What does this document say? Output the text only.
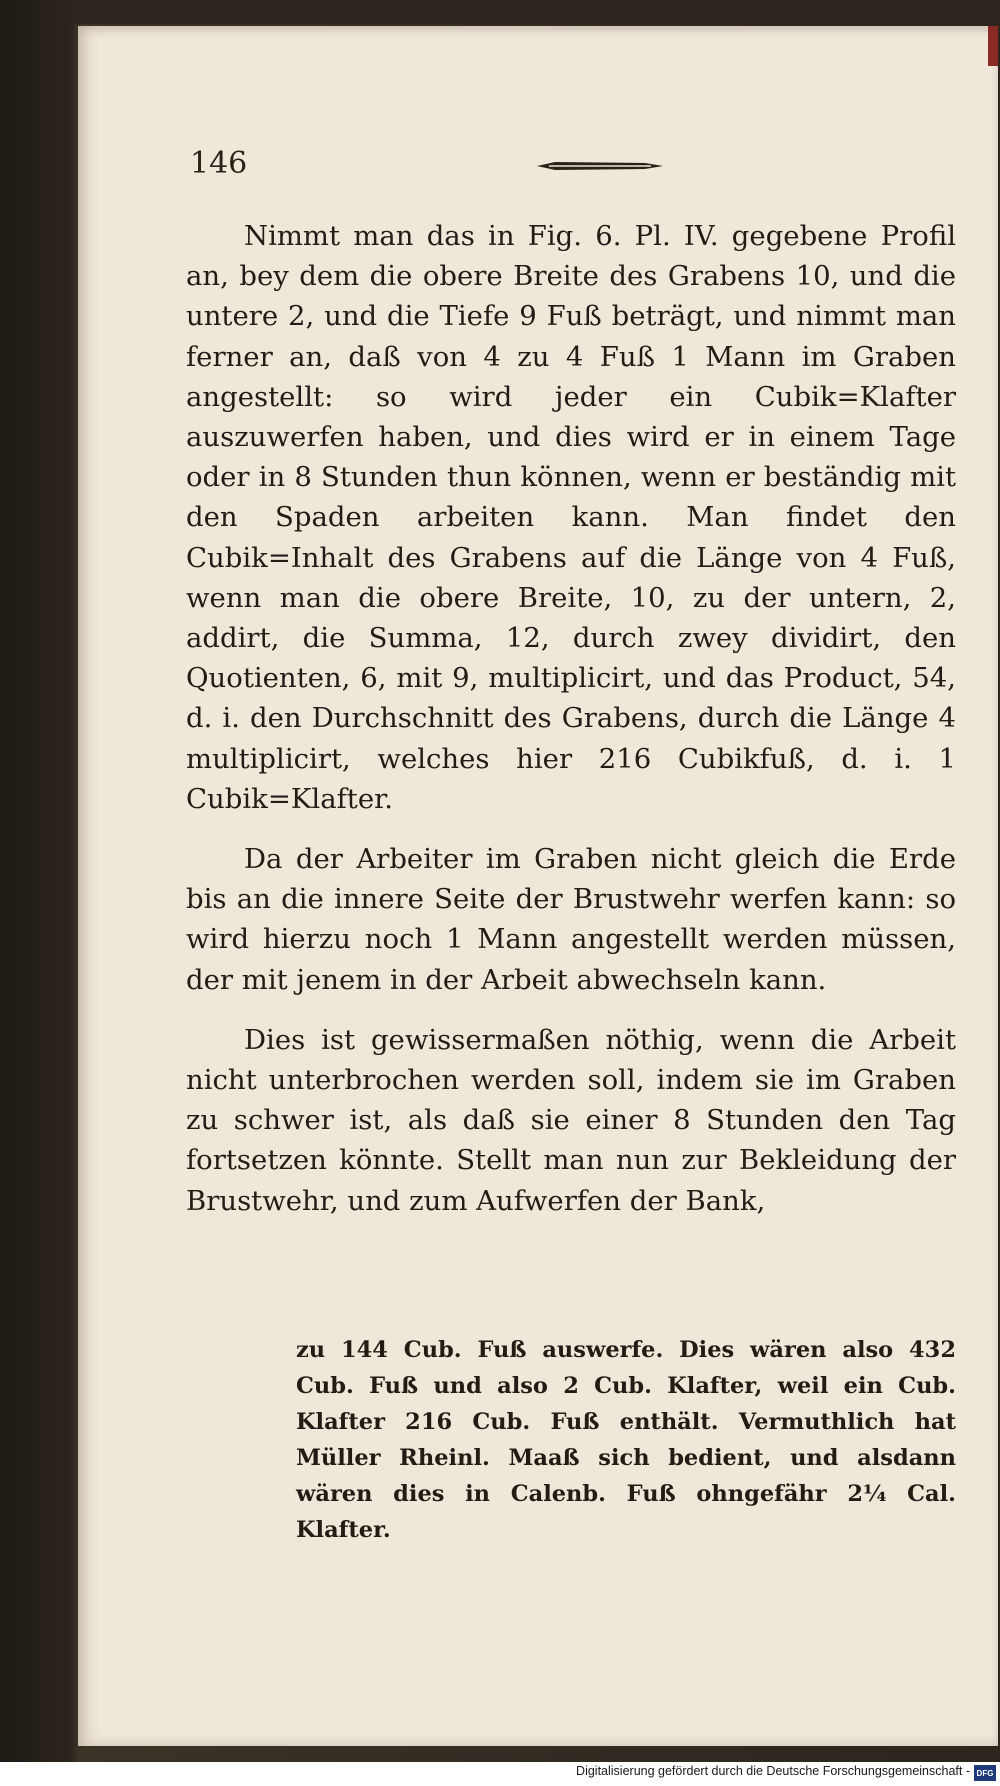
146

Nimmt man das in Fig. 6. Pl. IV. gegebene Profil an, bey dem die obere Breite des Grabens 10, und die untere 2, und die Tiefe 9 Fuß beträgt, und nimmt man ferner an, daß von 4 zu 4 Fuß 1 Mann im Graben angestellt: so wird jeder ein Cubik=Klafter auszuwerfen haben, und dies wird er in einem Tage oder in 8 Stunden thun können, wenn er beständig mit den Spaden arbeiten kann. Man findet den Cubik=Inhalt des Grabens auf die Länge von 4 Fuß, wenn man die obere Breite, 10, zu der untern, 2, addirt, die Summa, 12, durch zwey dividirt, den Quotienten, 6, mit 9, multiplicirt, und das Product, 54, d. i. den Durchschnitt des Grabens, durch die Länge 4 multiplicirt, welches hier 216 Cubikfuß, d. i. 1 Cubik=Klafter.

Da der Arbeiter im Graben nicht gleich die Erde bis an die innere Seite der Brustwehr werfen kann: so wird hierzu noch 1 Mann angestellt werden müssen, der mit jenem in der Arbeit abwechseln kann.

Dies ist gewissermaßen nöthig, wenn die Arbeit nicht unterbrochen werden soll, indem sie im Graben zu schwer ist, als daß sie einer 8 Stunden den Tag fortsetzen könnte. Stellt man nun zur Bekleidung der Brustwehr, und zum Aufwerfen der Bank,

zu 144 Cub. Fuß auswerfe. Dies wären also 432 Cub. Fuß und also 2 Cub. Klafter, weil ein Cub. Klafter 216 Cub. Fuß enthält. Vermuthlich hat Müller Rheinl. Maaß sich bedient, und alsdann wären dies in Calenb. Fuß ohngefähr 2¼ Cal. Klafter.

Digitalisierung gefördert durch die Deutsche Forschungsgemeinschaft - DFG
